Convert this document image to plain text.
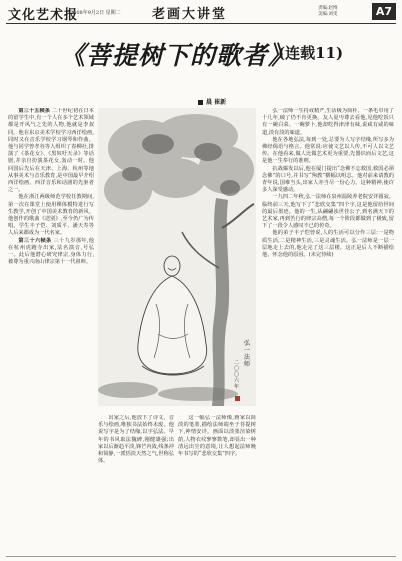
文化艺术报
2008年9月2日 星期二 老画大讲堂	责编:赵博
美编:刘雯	A7
《菩提树下的歌者》
(连载11)
晨 崔新

第三十五帧条 二十世纪初在日本的留学生中,有一个人在多个艺术领域都是开风气之先的人物,他就是李叔同。他在东京美术学校学习西洋绘画,同时又在音乐学校学习钢琴和作曲。他与同学曾孝谷等人组织了春柳社,排演了《茶花女》、《黑奴吁天录》等话剧,并亲自扮演茶花女,轰动一时。他回国后先后在天津、上海、杭州等地从事美术与音乐教育,是中国最早介绍西洋绘画、西洋音乐和话剧的先驱者之一。

他在浙江两级师范学校任教期间,第一次在课堂上使用裸体模特进行写生教学,开创了中国美术教育的新风。他创作的歌曲《送别》,至今仍广为传唱。学生丰子恺、刘质平、潘天寿等人后来都成为一代名家。

第三十六帧条 三十九岁那年,他在杭州虎跑寺出家,法名演音,号弘一。此后他潜心研究律宗,身体力行,被尊为重兴南山律宗第十一代祖师。

弘一法师
二〇〇六年

出家之后,他放下了诗文、音乐与绘画,唯独书法始终未废。他说写字是为了结缘,以字弘法。早年的书风取法魏碑,刚健雄强;出家以后渐趋平淡,锋芒内敛,线条冲和简静,一派恬淡天然之气,世称弘体。

这一幅弘一法师像,画家以简淡的笔墨,描绘法师端坐于菩提树下,神情安详。画面以淡墨渲染树荫,人物衣纹寥寥数笔,却显出一种清远出尘的意境,让人想起法师晚年书写的“悲欣交集”四字。

弘一法师一生持戒精严,生活极为简朴。一条毛巾用了十几年,破了仍不肯更换。友人夏丏尊去看他,见他吃饭只有一碗白菜、一碗萝卜,他却吃得津津有味,说咸有咸的味道,淡有淡的味道。

他在各地弘法,每到一处,总要为人写字结缘,所写多为佛经偈语与格言。他常说:应使文艺以人传,不可人以文艺传。在他看来,做人比做艺术更为重要,先器识而后文艺,这是他一生奉行的准则。

抗战爆发以后,他在厦门提出“念佛不忘救国,救国必须念佛”的口号,并书写“殉教”横幅以明志。他对前来请教的青年说,国难当头,出家人亦当尽一份心力。这种精神,使许多人深受感动。

一九四二年秋,弘一法师在泉州温陵养老院安详圆寂。临终前三天,他写下了“悲欣交集”四个字,这是他留给世间的最后墨迹。他的一生,从翩翩浊世佳公子,到名满天下的艺术家,再到苦行的律宗高僧,每一个阶段都做到了极致,留下了一段令人感叹不已的传奇。

他的弟子丰子恺曾说,人的生活可以分作三层:一是物质生活,二是精神生活,三是灵魂生活。弘一法师是一层一层地走上去的,他走完了这三层楼。这正是后人不断描绘他、怀念他的原因。(未完待续)
